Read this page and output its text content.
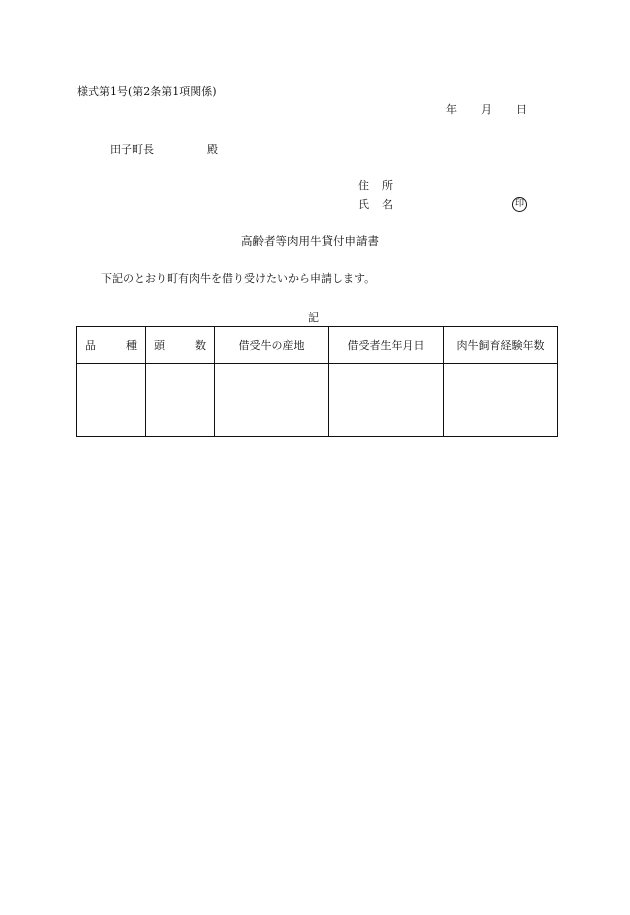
様式第1号(第2条第1項関係)
年 月 日
田子町長	殿
住 所
氏 名	印
高齢者等肉用牛貸付申請書
下記のとおり町有肉牛を借り受けたいから申請します。
記
品 種	頭 数	借受牛の産地	借受者生年月日	肉牛飼育経験年数
